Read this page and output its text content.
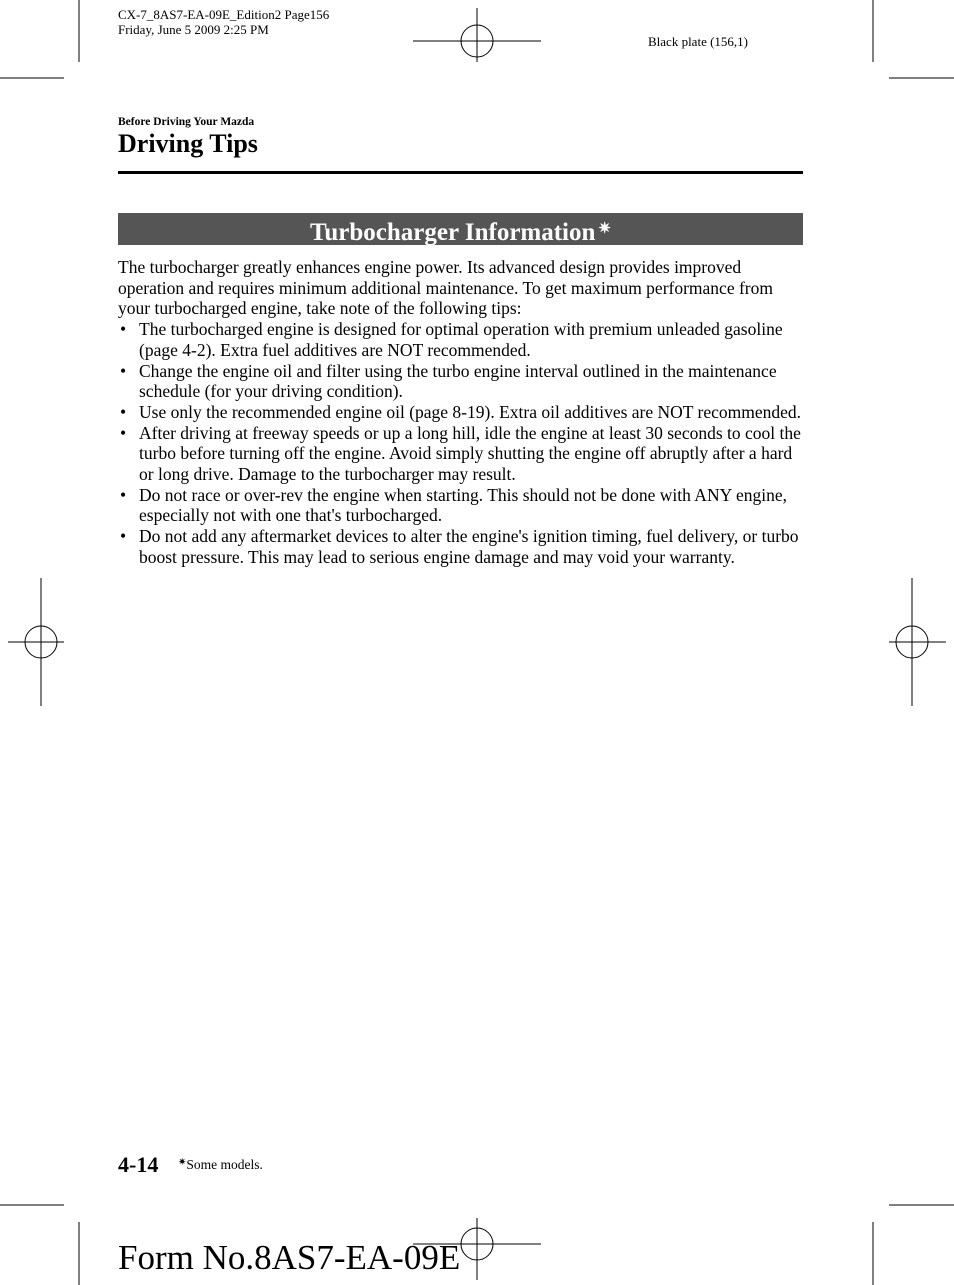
CX-7_8AS7-EA-09E_Edition2 Page156
Friday, June 5 2009 2:25 PM
Black plate (156,1)
Before Driving Your Mazda
Driving Tips
Turbocharger Information ✷

The turbocharger greatly enhances engine power. Its advanced design provides improved operation and requires minimum additional maintenance. To get maximum performance from your turbocharged engine, take note of the following tips:

• The turbocharged engine is designed for optimal operation with premium unleaded gasoline (page 4-2). Extra fuel additives are NOT recommended.
• Change the engine oil and filter using the turbo engine interval outlined in the maintenance schedule (for your driving condition).
• Use only the recommended engine oil (page 8-19). Extra oil additives are NOT recommended.
• After driving at freeway speeds or up a long hill, idle the engine at least 30 seconds to cool the turbo before turning off the engine. Avoid simply shutting the engine off abruptly after a hard or long drive. Damage to the turbocharger may result.
• Do not race or over-rev the engine when starting. This should not be done with ANY engine, especially not with one that's turbocharged.
• Do not add any aftermarket devices to alter the engine's ignition timing, fuel delivery, or turbo boost pressure. This may lead to serious engine damage and may void your warranty.
4-14 ✷Some models.
Form No.8AS7-EA-09E
